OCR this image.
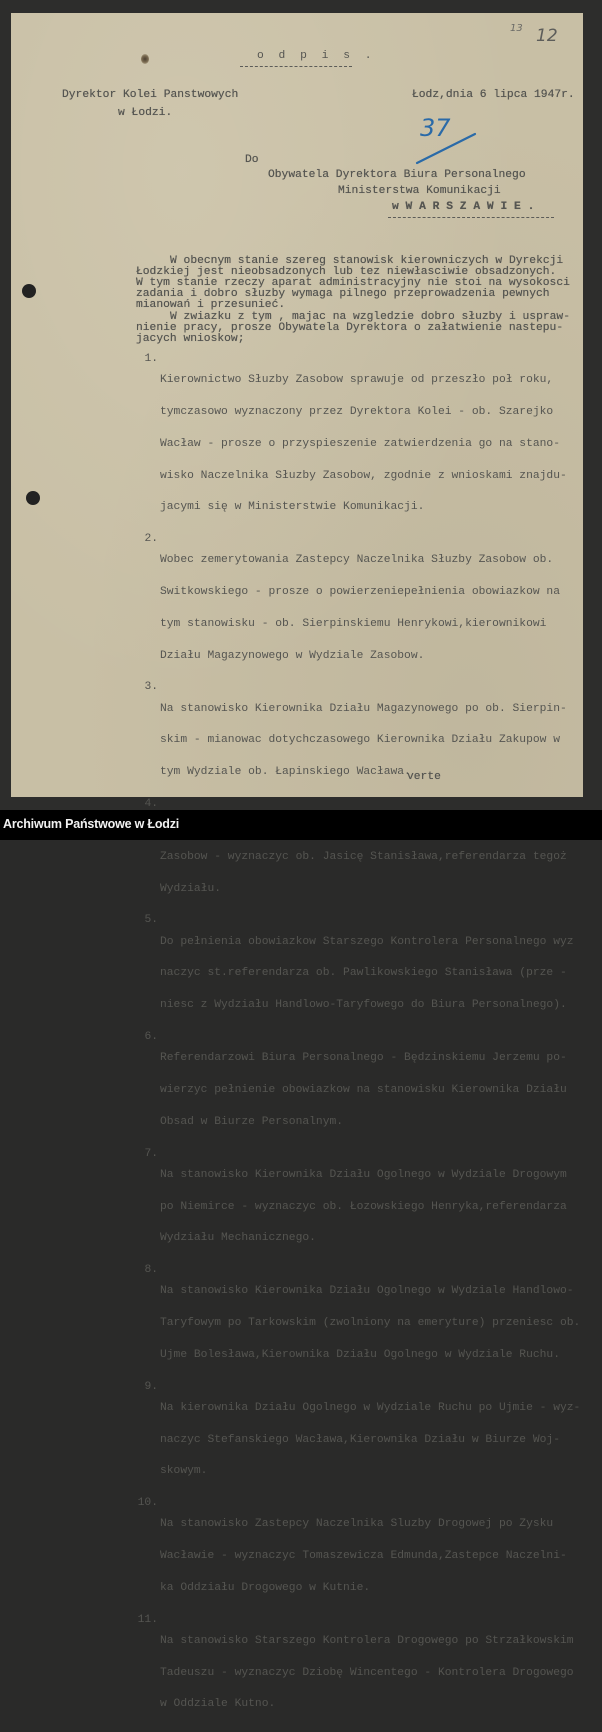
13 12
o d p i s .
Dyrektor Kolei Panstwowych
w Łodzi.
Łodz,dnia 6 lipca 1947r.
37
Do
Obywatela Dyrektora Biura Personalnego
Ministerstwa Komunikacji
w W A R S Z A W I E .
W obecnym stanie szereg stanowisk kierowniczych w Dyrekcji
Łodzkiej jest nieobsadzonych lub tez niewłasciwie obsadzonych.
W tym stanie rzeczy aparat administracyjny nie stoi na wysokosci
zadania i dobro słuzby wymaga pilnego przeprowadzenia pewnych
mianowań i przesunieć.
W zwiazku z tym , majac na wzgledzie dobro słuzby i uspraw-
nienie pracy, prosze Obywatela Dyrektora o załatwienie nastepu-
jacych wnioskow;
1.

Kierownictwo Słuzby Zasobow sprawuje od przeszło poł roku,

tymczasowo wyznaczony przez Dyrektora Kolei - ob. Szarejko

Wacław - prosze o przyspieszenie zatwierdzenia go na stano-

wisko Naczelnika Słuzby Zasobow, zgodnie z wnioskami znajdu-

jacymi się w Ministerstwie Komunikacji.

2.

Wobec zemerytowania Zastepcy Naczelnika Słuzby Zasobow ob.

Switkowskiego - prosze o powierzeniepełnienia obowiazkow na

tym stanowisku - ob. Sierpinskiemu Henrykowi,kierownikowi

Działu Magazynowego w Wydziale Zasobow.

3.

Na stanowisko Kierownika Działu Magazynowego po ob. Sierpin-

skim - mianowac dotychczasowego Kierownika Działu Zakupow w

tym Wydziale ob. Łapinskiego Wacława.

4.

Zasobow - wyznaczyc ob. Jasicę Stanisława,referendarza tegoż

Wydziału.

5.

Do pełnienia obowiazkow Starszego Kontrolera Personalnego wyz

naczyc st.referendarza ob. Pawlikowskiego Stanisława (prze -

niesc z Wydziału Handlowo-Taryfowego do Biura Personalnego).

6.

Referendarzowi Biura Personalnego - Będzinskiemu Jerzemu po-

wierzyc pełnienie obowiazkow na stanowisku Kierownika Działu

Obsad w Biurze Personalnym.

7.

Na stanowisko Kierownika Działu Ogolnego w Wydziale Drogowym

po Niemirce - wyznaczyc ob. Łozowskiego Henryka,referendarza

Wydziału Mechanicznego.

8.

Na stanowisko Kierownika Działu Ogolnego w Wydziale Handlowo-

Taryfowym po Tarkowskim (zwolniony na emeryture) przeniesc ob.

Ujme Bolesława,Kierownika Działu Ogolnego w Wydziale Ruchu.

9.

Na kierownika Działu Ogolnego w Wydziale Ruchu po Ujmie - wyz-

naczyc Stefanskiego Wacława,Kierownika Działu w Biurze Woj-

skowym.

10.

Na stanowisko Zastepcy Naczelnika Sluzby Drogowej po Zysku

Wacławie - wyznaczyc Tomaszewicza Edmunda,Zastepce Naczelni-

ka Oddziału Drogowego w Kutnie.

11.

Na stanowisko Starszego Kontrolera Drogowego po Strzałkowskim

Tadeuszu - wyznaczyc Dziobę Wincentego - Kontrolera Drogowego

w Oddziale Kutno.

verte
Archiwum Państwowe w Łodzi
